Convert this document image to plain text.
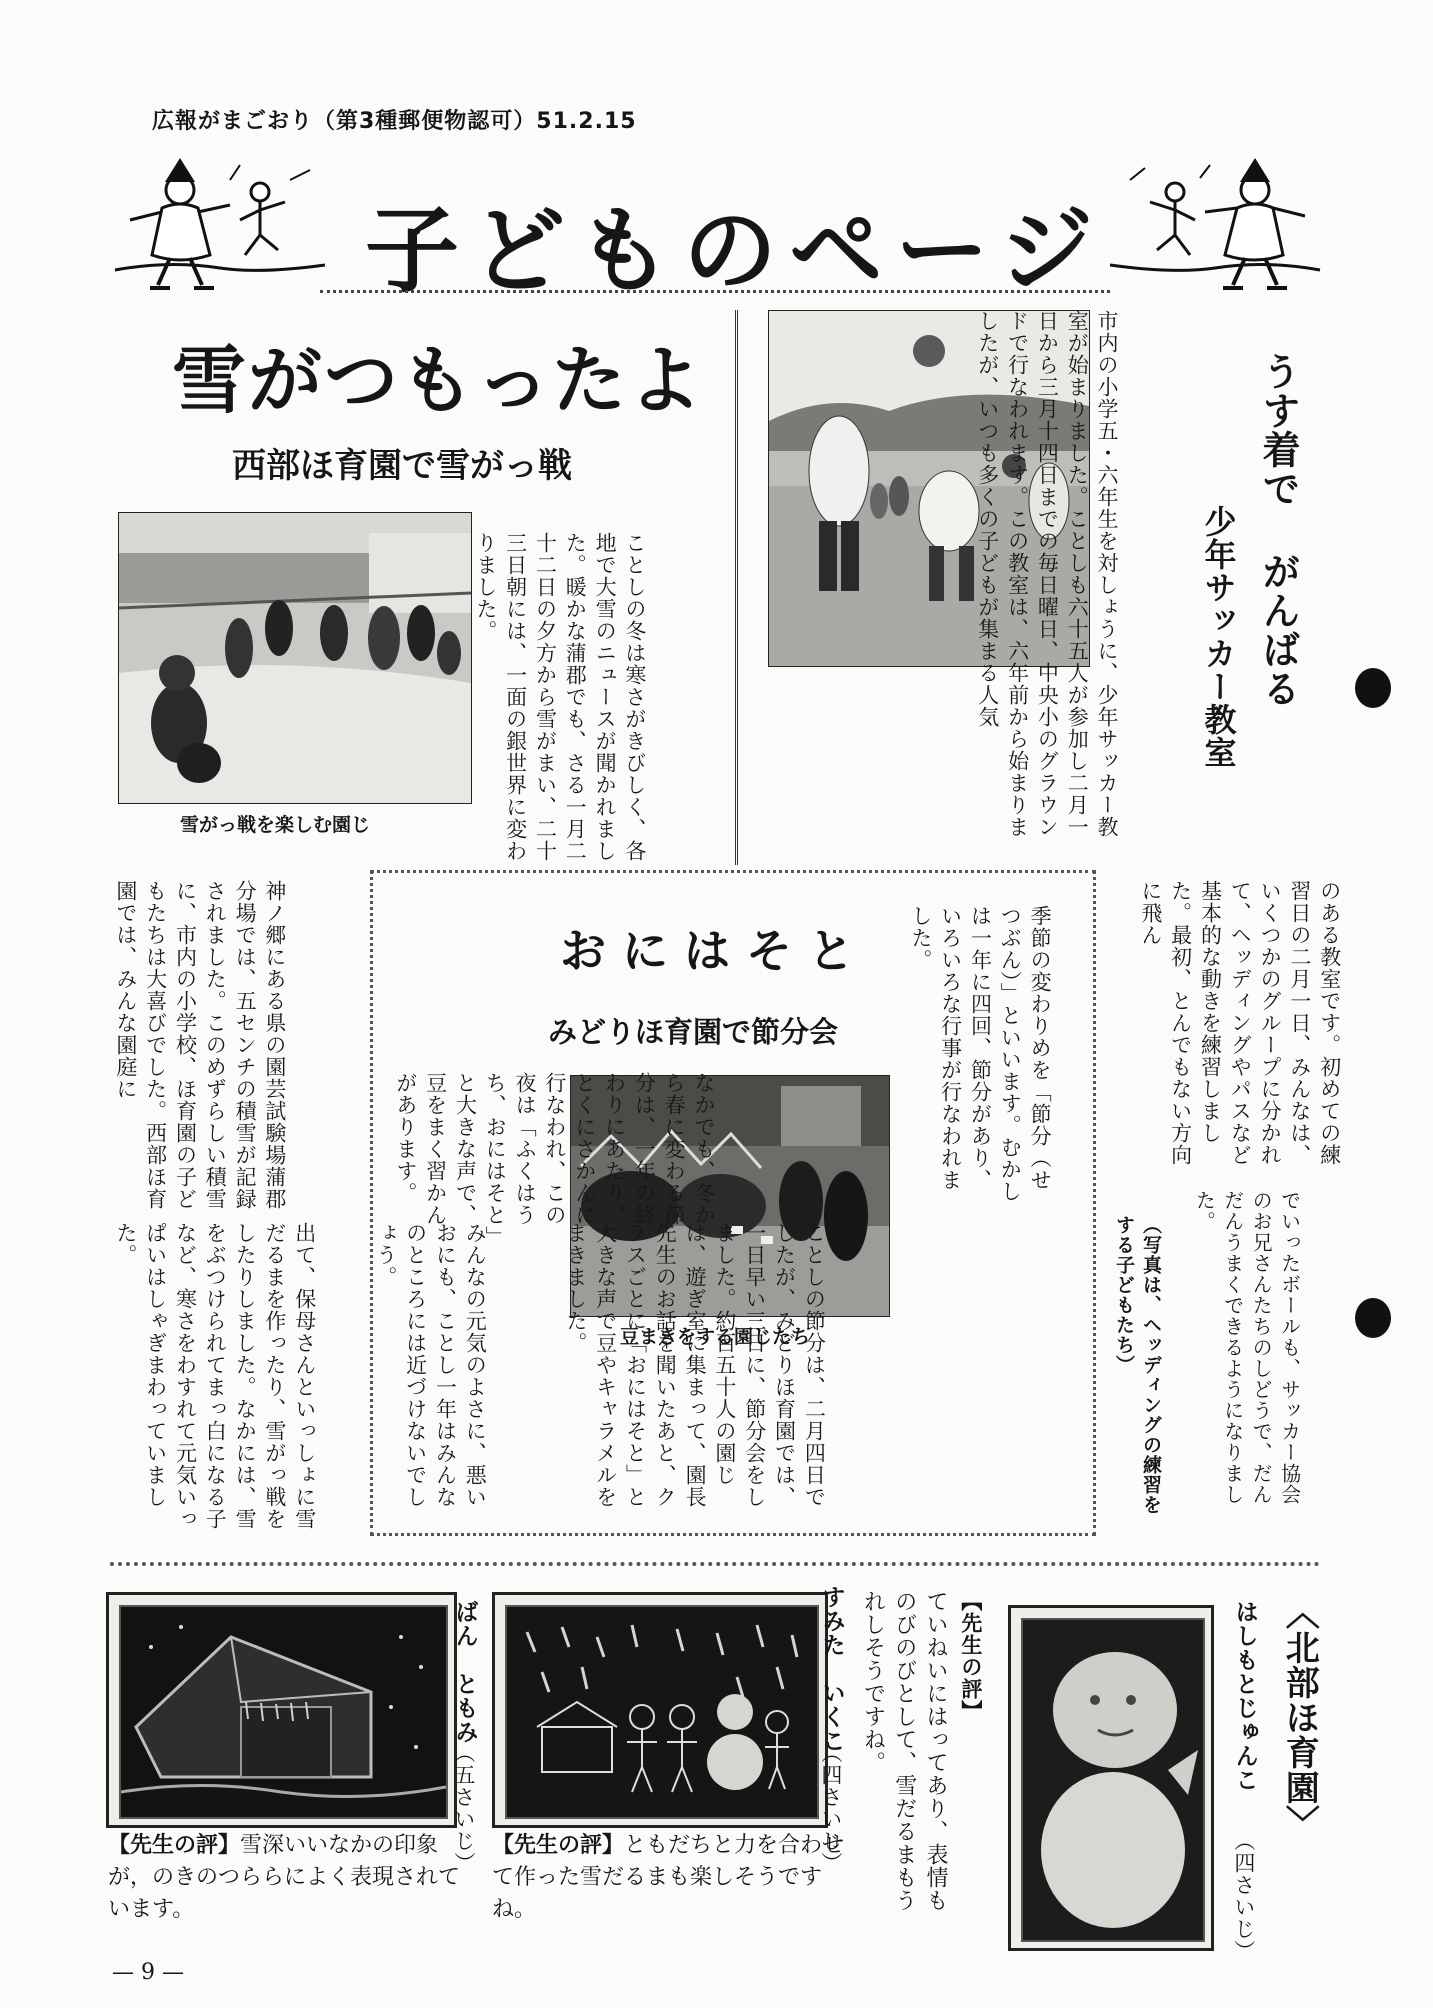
広報がまごおり（第3種郵便物認可）51.2.15
子どものページ
雪がつもったよ
西部ほ育園で雪がっ戦
雪がっ戦を楽しむ園じ	ことしの冬は寒さがきびしく、各地で大雪のニュースが聞かれました。暖かな蒲郡でも、さる一月二十二日の夕方から雪がまい、二十三日朝には、一面の銀世界に変わりました。	市内の小学五・六年生を対しょうに、少年サッカー教室が始まりました。ことしも六十五人が参加し二月一日から三月十四日までの毎日曜日、中央小のグラウンドで行なわれます。この教室は、六年前から始まりましたが、いつも多くの子どもが集まる人気	うす着で
がんばる
少年サッカー教室
神ノ郷にある県の園芸試験場蒲郡分場では、五センチの積雪が記録されました。このめずらしい積雪に、市内の小学校、ほ育園の子どもたちは大喜びでした。西部ほ育園では、みんな園庭に
出て、保母さんといっしょに雪だるまを作ったり、雪がっ戦をしたりしました。なかには、雪をぶつけられてまっ白になる子など、寒さをわすれて元気いっぱいはしゃぎまわっていました。
おにはそと
みどりほ育園で節分会	季節の変わりめを「節分（せつぶん）」といいます。むかしは一年に四回、節分があり、いろいろな行事が行なわれました。
豆まきをする園じたち
なかでも、冬から春に変わる節分は、一年の終わりにあたり、とくにさかんに行なわれ、この夜は「ふくはうち、おにはそと」と大きな声で、豆をまく習かんがあります。
ことしの節分は、二月四日でしたが、みどりほ育園では、一日早い三日に、節分会をしました。約百五十人の園じは、遊ぎ室に集まって、園長先生のお話を聞いたあと、クラスごとに「おにはそと」と大きな声で豆やキャラメルをまきました。
みんなの元気のよさに、悪いおにも、ことし一年はみんなのところには近づけないでしょう。
のある教室です。初めての練習日の二月一日、みんなは、いくつかのグループに分かれて、ヘッディングやパスなど基本的な動きを練習しました。最初、とんでもない方向に飛ん
でいったボールも、サッカー協会のお兄さんたちのしどうで、だんだんうまくできるようになりました。
（写真は、ヘッディングの練習をする子どもたち）
〈北部ほ育園〉
はしもとじゅんこ
（四さいじ）
【先生の評】
ていねいにはってあり、表情ものびのびとして、雪だるまもうれしそうですね。
すみた　いくこ
（四さいじ）
【先生の評】ともだちと力を合わせて作った雪だるまも楽しそうですね。
ばん　ともみ
（五さいじ）
【先生の評】雪深いいなかの印象が，のきのつららによく表現されています。
— 9 —
